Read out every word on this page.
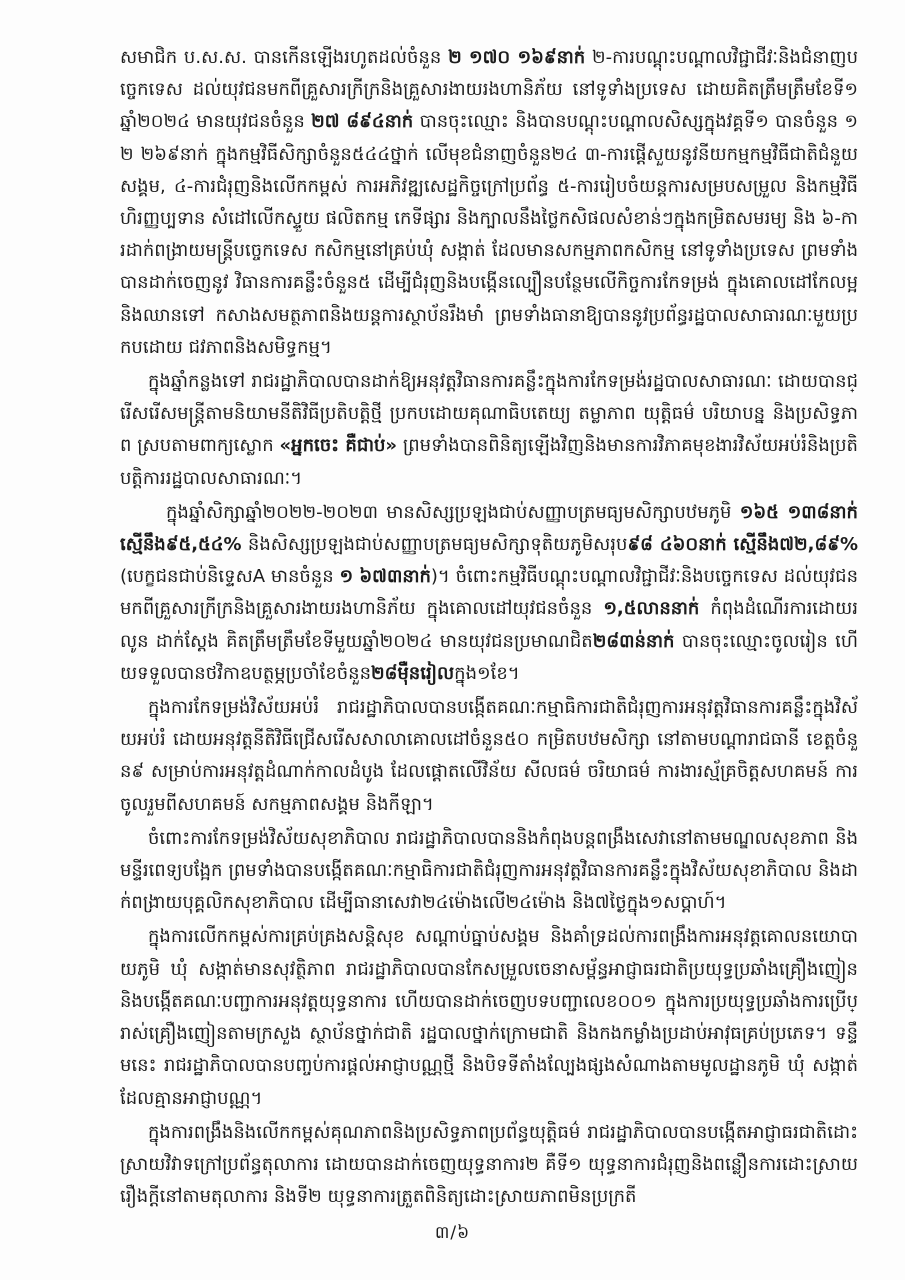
សមាជិក ប.ស.ស. បានកើនឡើងរហូតដល់ចំនួន ២ ១៧០ ១៦៩នាក់ ២-ការបណ្តុះបណ្តាលវិជ្ជាជីវៈនិងជំនាញបច្ចេកទេស ដល់យុវជនមកពីគ្រួសារក្រីក្រនិងគ្រួសារងាយរងហានិភ័យ នៅទូទាំងប្រទេស ដោយគិតត្រឹមត្រឹមខែទី១ ឆ្នាំ២០២៤ មានយុវជនចំនួន ២៧ ៨៩៤នាក់ បានចុះឈ្មោះ និងបានបណ្តុះបណ្តាលសិស្សក្នុងវគ្គទី១ បានចំនួន ១២ ២៦៩នាក់ ក្នុងកម្មវិធីសិក្សាចំនួន៥៤៤ថ្នាក់ លើមុខជំនាញចំនួន២៤ ៣-ការផ្ដើសួយនូវនីយកម្មកម្មវិធីជាតិជំនួយសង្គម, ៤-ការជំរុញនិងលើកកម្ពស់ ការអភិវឌ្ឍសេដ្ឋកិច្ចក្រៅប្រព័ន្ធ ៥-ការរៀបចំយន្តការសម្របសម្រួល និងកម្មវិធីហិរញ្ញប្បទាន សំដៅលើកស្ទួយ ផលិតកម្ម កេទីផ្សារ និងក្បាលនឹងថ្លៃកសិផលសំខាន់ៗក្នុងកម្រិតសមរម្យ និង ៦-ការដាក់ពង្រាយមន្រ្តីបច្ចេកទេស កសិកម្មនៅគ្រប់ឃុំ សង្កាត់ ដែលមានសកម្មភាពកសិកម្ម នៅទូទាំងប្រទេស ព្រមទាំងបានដាក់ចេញនូវ វិធានការគន្លឹះចំនួន៥ ដើម្បីជំរុញនិងបង្កើនល្បឿនបន្ថែមលើកិច្ចការកែទម្រង់ ក្នុងគោលដៅកែលម្អ និងឈានទៅ កសាងសមត្ថភាពនិងយន្តការស្ថាប័នរឹងមាំ ព្រមទាំងធានាឱ្យបាននូវប្រព័ន្ធរដ្ឋបាលសាធារណៈមួយប្រកបដោយ ជវភាពនិងសមិទ្ធកម្ម។

ក្នុងឆ្នាំកន្លងទៅ រាជរដ្ឋាភិបាលបានដាក់ឱ្យអនុវត្តវិធានការគន្លឹះក្នុងការកែទម្រង់រដ្ឋបាលសាធារណៈ ដោយបានជ្រើសរើសមន្ត្រីតាមនិយាមនីតិវិធីប្រតិបត្តិថ្មី ប្រកបដោយគុណាធិបតេយ្យ តម្លាភាព យុត្តិធម៌ បរិយាបន្ន និងប្រសិទ្ធភាព ស្របតាមពាក្យស្លោក «អ្នកចេះ គឺជាប់» ព្រមទាំងបានពិនិត្យឡើងវិញនិងមានការវិភាគមុខងារវិស័យអប់រំនិងប្រតិបត្តិការរដ្ឋបាលសាធារណៈ។

ក្នុងឆ្នាំសិក្សាឆ្នាំ២០២២-២០២៣ មានសិស្សប្រឡងជាប់សញ្ញាបត្រមធ្យមសិក្សាបឋមភូមិ ១៦៥ ១៣៨នាក់ ស្មើនឹង៩៥,៥៤% និងសិស្សប្រឡងជាប់សញ្ញាបត្រមធ្យមសិក្សាទុតិយភូមិសរុប៩៨ ៤៦០នាក់ ស្មើនឹង៧២,៨៩% (បេក្ខជនជាប់និទ្ទេសA មានចំនួន ១ ៦៧៣នាក់)។ ចំពោះកម្មវិធីបណ្តុះបណ្តាលវិជ្ជាជីវៈនិងបច្ចេកទេស ដល់យុវជនមកពីគ្រួសារក្រីក្រនិងគ្រួសារងាយរងហានិភ័យ ក្នុងគោលដៅយុវជនចំនួន ១,៥លាននាក់ កំពុងដំណើរការដោយរលូន ដាក់ស្តែង គិតត្រឹមត្រឹមខែទីមួយឆ្នាំ២០២៤ មានយុវជនប្រមាណជិត២៨៣ន់នាក់ បានចុះឈ្មោះចូលរៀន ហើយទទួលបានថវិកាឧបត្ថម្ភប្រចាំខែចំនួន២៨ម៉ឺនរៀលក្នុង១ខែ។

ក្នុងការកែទម្រង់វិស័យអប់រំ រាជរដ្ឋាភិបាលបានបង្កើតគណៈកម្មាធិការជាតិជំរុញការអនុវត្តវិធានការគន្លឹះក្នុងវិស័យអប់រំ ដោយអនុវត្តនីតិវិធីជ្រើសរើសសាលាគោលដៅចំនួន៥០ កម្រិតបឋមសិក្សា នៅតាមបណ្តារាជធានី ខេត្តចំនួន៩ សម្រាប់ការអនុវត្តដំណាក់កាលដំបូង ដែលផ្តោតលើវិន័យ សីលធម៌ ចរិយាធម៌ ការងារស្ម័គ្រចិត្តសហគមន៍ ការចូលរួមពីសហគមន៍ សកម្មភាពសង្គម និងកីឡា។

ចំពោះការកែទម្រង់វិស័យសុខាភិបាល រាជរដ្ឋាភិបាលបាននិងកំពុងបន្តពង្រឹងសេវានៅតាមមណ្ឌលសុខភាព និងមន្ទីរពេទ្យបង្អែក ព្រមទាំងបានបង្កើតគណៈកម្មាធិការជាតិជំរុញការអនុវត្តវិធានការគន្លឹះក្នុងវិស័យសុខាភិបាល និងដាក់ពង្រាយបុគ្គលិកសុខាភិបាល ដើម្បីធានាសេវា២៤ម៉ោងលើ២៤ម៉ោង និង៧ថ្ងៃក្នុង១សប្តាហ៍។

ក្នុងការលើកកម្ពស់ការគ្រប់គ្រងសន្តិសុខ សណ្តាប់ធ្នាប់សង្គម និងគាំទ្រដល់ការពង្រឹងការអនុវត្តគោលនយោបាយភូមិ ឃុំ សង្កាត់មានសុវត្ថិភាព រាជរដ្ឋាភិបាលបានកែសម្រួលចេនាសម្ព័ន្ធអាជ្ញាធរជាតិប្រយុទ្ធប្រឆាំងគ្រឿងញៀន និងបង្កើតគណៈបញ្ជាការអនុវត្តយុទ្ធនាការ ហើយបានដាក់ចេញបទបញ្ជាលេខ០០១ ក្នុងការប្រយុទ្ធប្រឆាំងការប្រើប្រាស់គ្រឿងញៀនតាមក្រសួង ស្ថាប័នថ្នាក់ជាតិ រដ្ឋបាលថ្នាក់ក្រោមជាតិ និងកងកម្លាំងប្រដាប់អាវុធគ្រប់ប្រភេទ។ ទន្ទឹមនេះ រាជរដ្ឋាភិបាលបានបញ្ចប់ការផ្តល់អាជ្ញាបណ្ណថ្មី និងបិទទីតាំងល្បែងផ្សងសំណាងតាមមូលដ្ឋានភូមិ ឃុំ សង្កាត់ ដែលគ្មានអាជ្ញាបណ្ណ។

ក្នុងការពង្រឹងនិងលើកកម្ពស់គុណភាពនិងប្រសិទ្ធភាពប្រព័ន្ធយុត្តិធម៌ រាជរដ្ឋាភិបាលបានបង្កើតអាជ្ញាធរជាតិដោះស្រាយវិវាទក្រៅប្រព័ន្ធតុលាការ ដោយបានដាក់ចេញយុទ្ធនាការ២ គឺទី១ យុទ្ធនាការជំរុញនិងពន្លឿនការដោះស្រាយរឿងក្តីនៅតាមតុលាការ និងទី២ យុទ្ធនាការត្រួតពិនិត្យដោះស្រាយភាពមិនប្រក្រតី

៣/៦
